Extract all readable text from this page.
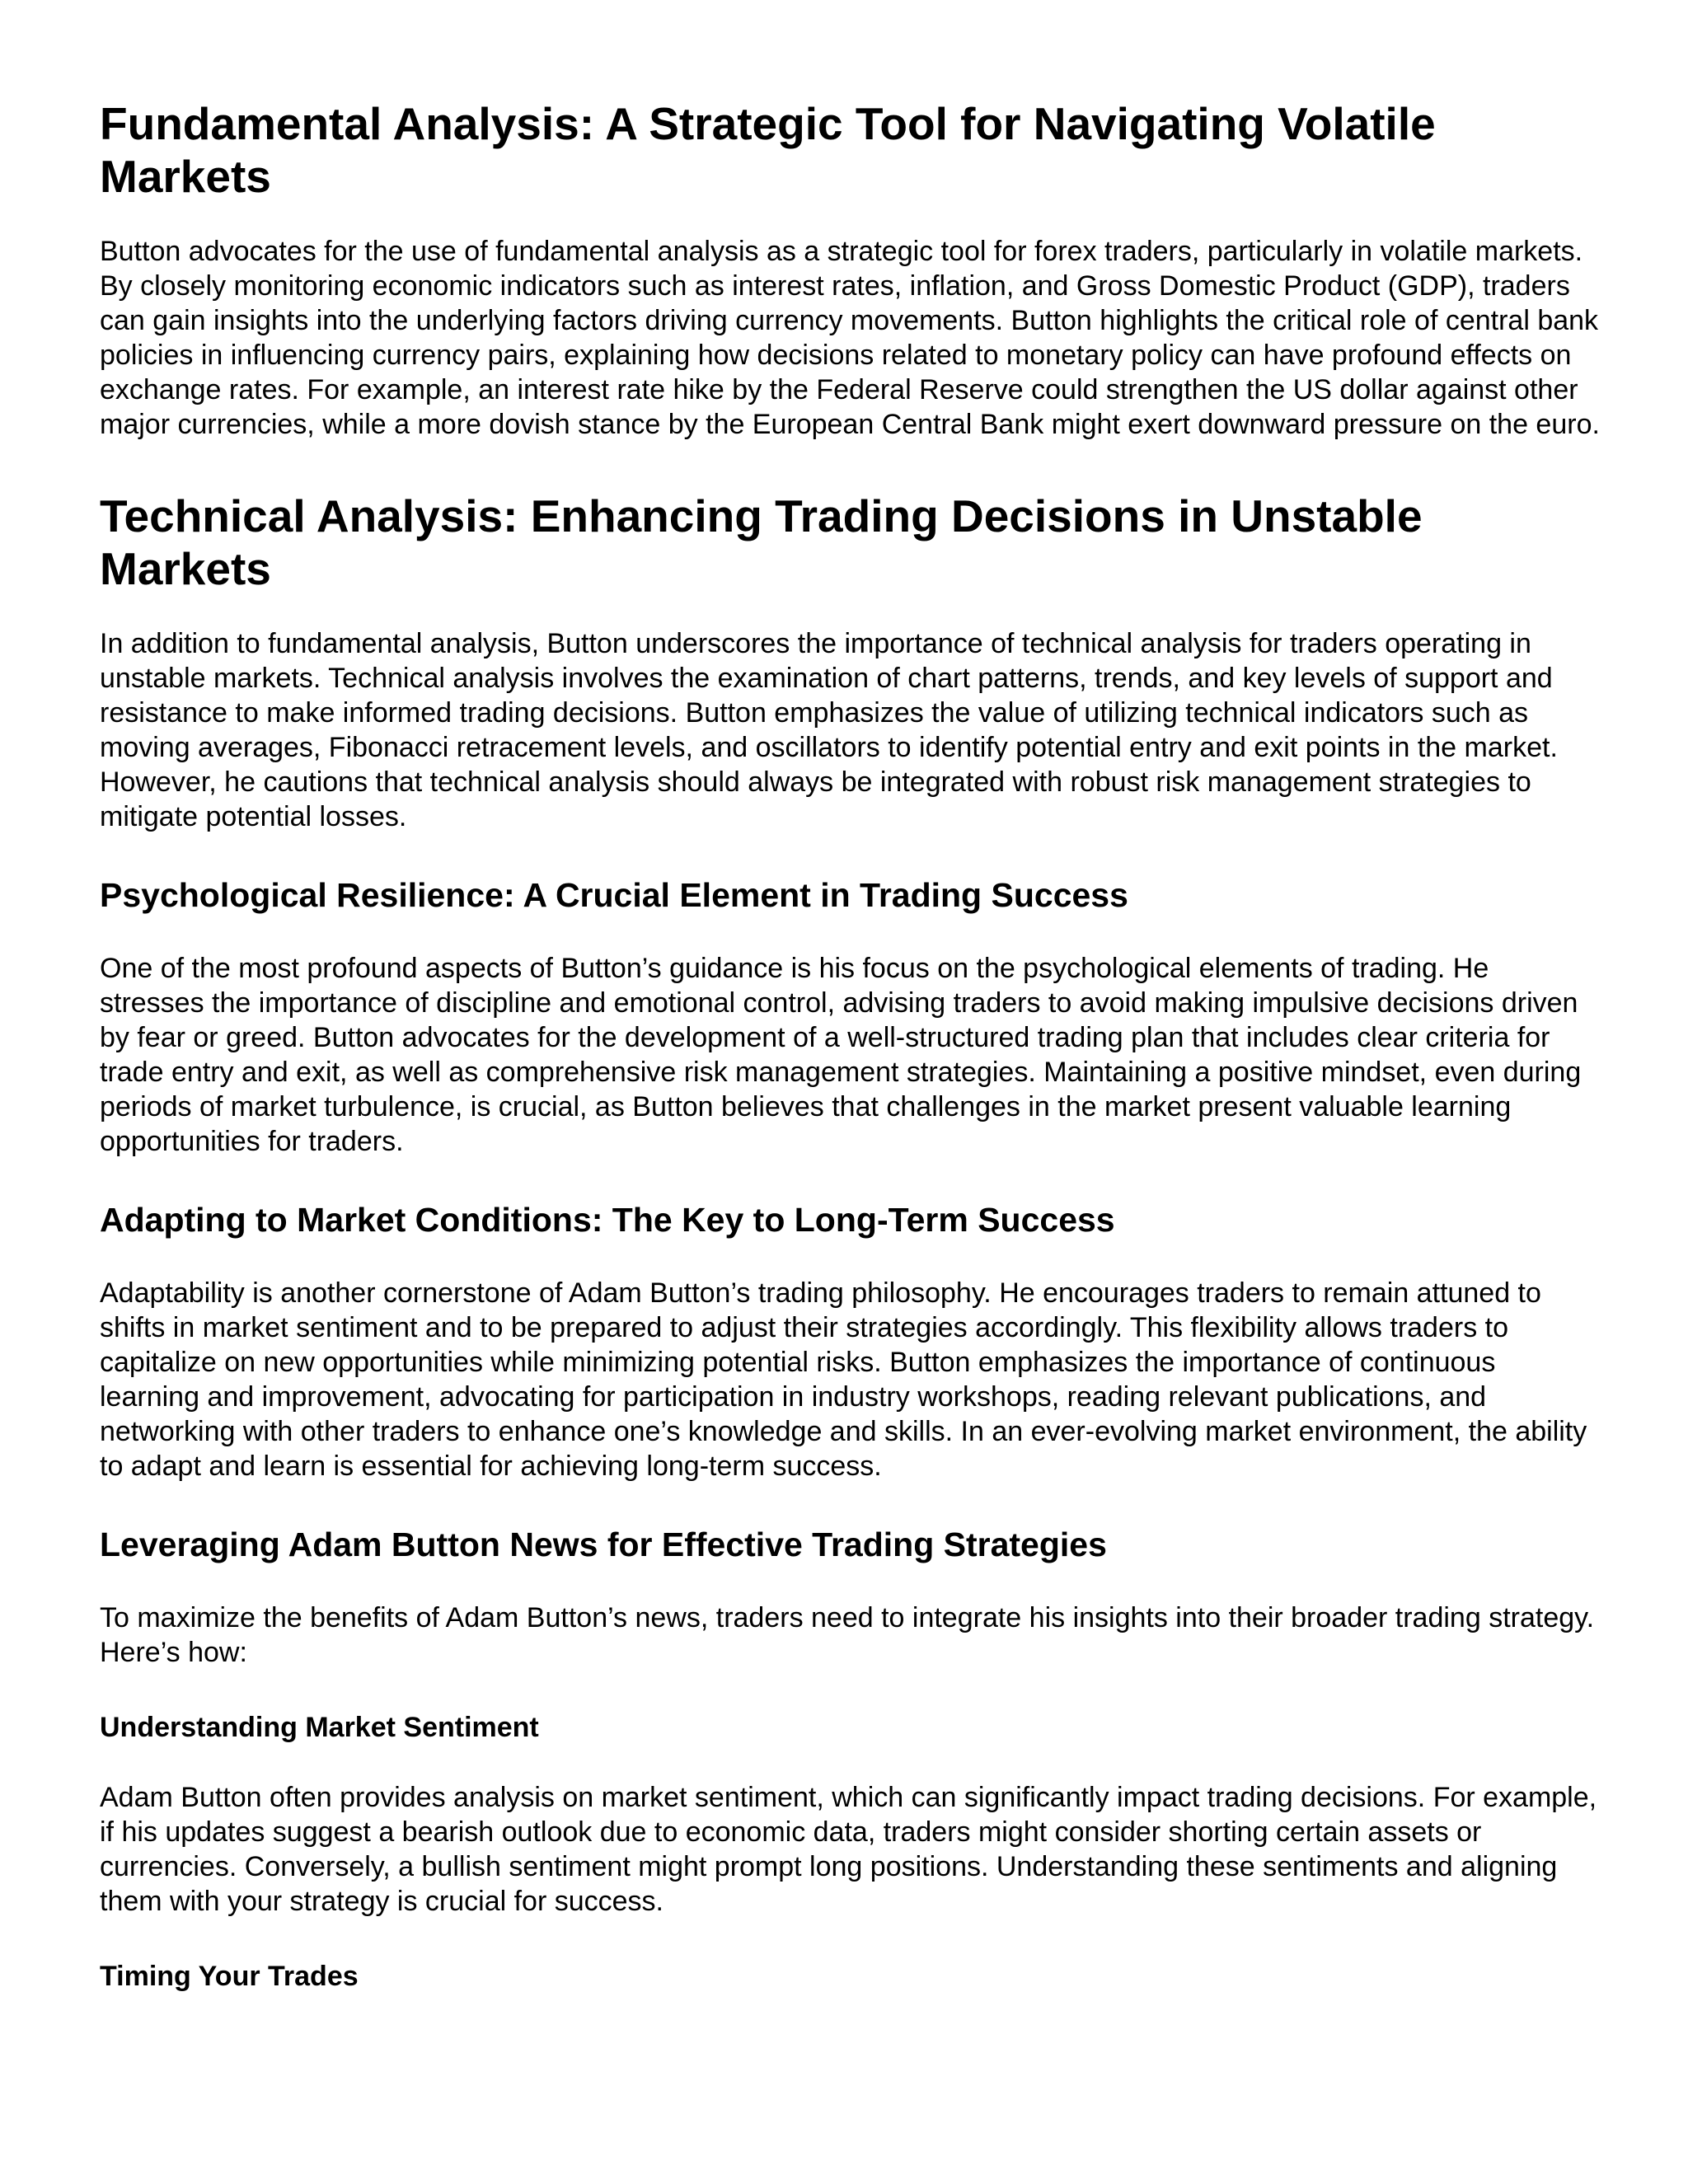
Fundamental Analysis: A Strategic Tool for Navigating Volatile Markets

Button advocates for the use of fundamental analysis as a strategic tool for forex traders, particularly in volatile markets. By closely monitoring economic indicators such as interest rates, inflation, and Gross Domestic Product (GDP), traders can gain insights into the underlying factors driving currency movements. Button highlights the critical role of central bank policies in influencing currency pairs, explaining how decisions related to monetary policy can have profound effects on exchange rates. For example, an interest rate hike by the Federal Reserve could strengthen the US dollar against other major currencies, while a more dovish stance by the European Central Bank might exert downward pressure on the euro.

Technical Analysis: Enhancing Trading Decisions in Unstable Markets

In addition to fundamental analysis, Button underscores the importance of technical analysis for traders operating in unstable markets. Technical analysis involves the examination of chart patterns, trends, and key levels of support and resistance to make informed trading decisions. Button emphasizes the value of utilizing technical indicators such as moving averages, Fibonacci retracement levels, and oscillators to identify potential entry and exit points in the market. However, he cautions that technical analysis should always be integrated with robust risk management strategies to mitigate potential losses.

Psychological Resilience: A Crucial Element in Trading Success

One of the most profound aspects of Button’s guidance is his focus on the psychological elements of trading. He stresses the importance of discipline and emotional control, advising traders to avoid making impulsive decisions driven by fear or greed. Button advocates for the development of a well-structured trading plan that includes clear criteria for trade entry and exit, as well as comprehensive risk management strategies. Maintaining a positive mindset, even during periods of market turbulence, is crucial, as Button believes that challenges in the market present valuable learning opportunities for traders.

Adapting to Market Conditions: The Key to Long-Term Success

Adaptability is another cornerstone of Adam Button’s trading philosophy. He encourages traders to remain attuned to shifts in market sentiment and to be prepared to adjust their strategies accordingly. This flexibility allows traders to capitalize on new opportunities while minimizing potential risks. Button emphasizes the importance of continuous learning and improvement, advocating for participation in industry workshops, reading relevant publications, and networking with other traders to enhance one’s knowledge and skills. In an ever-evolving market environment, the ability to adapt and learn is essential for achieving long-term success.

Leveraging Adam Button News for Effective Trading Strategies

To maximize the benefits of Adam Button’s news, traders need to integrate his insights into their broader trading strategy. Here’s how:

Understanding Market Sentiment

Adam Button often provides analysis on market sentiment, which can significantly impact trading decisions. For example, if his updates suggest a bearish outlook due to economic data, traders might consider shorting certain assets or currencies. Conversely, a bullish sentiment might prompt long positions. Understanding these sentiments and aligning them with your strategy is crucial for success.

Timing Your Trades
